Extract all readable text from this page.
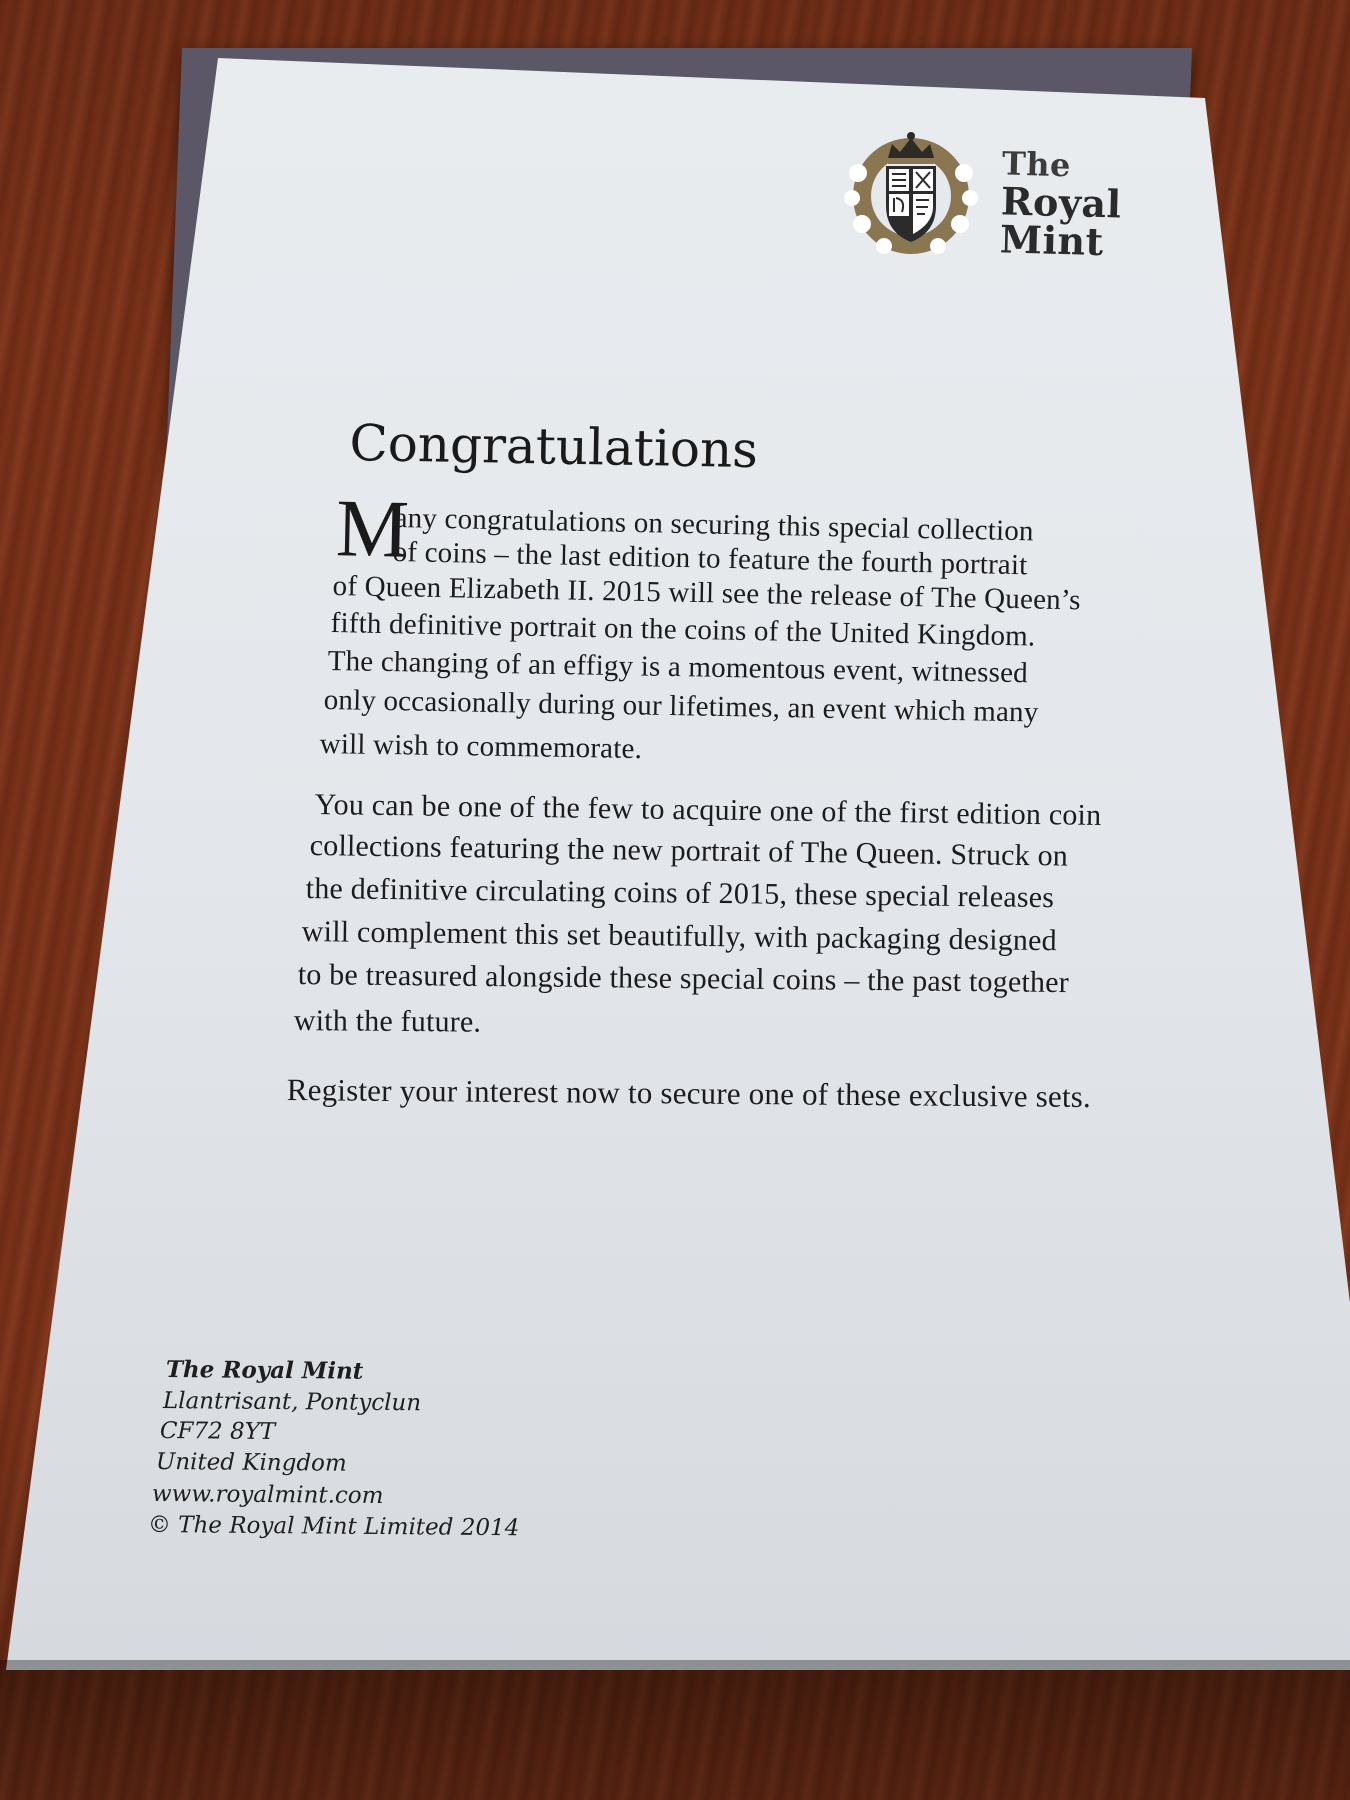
The
Royal
Mint
Congratulations
M
any congratulations on securing this special collection
of coins – the last edition to feature the fourth portrait
of Queen Elizabeth II. 2015 will see the release of The Queen’s
fifth definitive portrait on the coins of the United Kingdom.
The changing of an effigy is a momentous event, witnessed
only occasionally during our lifetimes, an event which many
will wish to commemorate.
You can be one of the few to acquire one of the first edition coin
collections featuring the new portrait of The Queen. Struck on
the definitive circulating coins of 2015, these special releases
will complement this set beautifully, with packaging designed
to be treasured alongside these special coins – the past together
with the future.
Register your interest now to secure one of these exclusive sets.
The Royal Mint
Llantrisant, Pontyclun
CF72 8YT
United Kingdom
www.royalmint.com
© The Royal Mint Limited 2014
